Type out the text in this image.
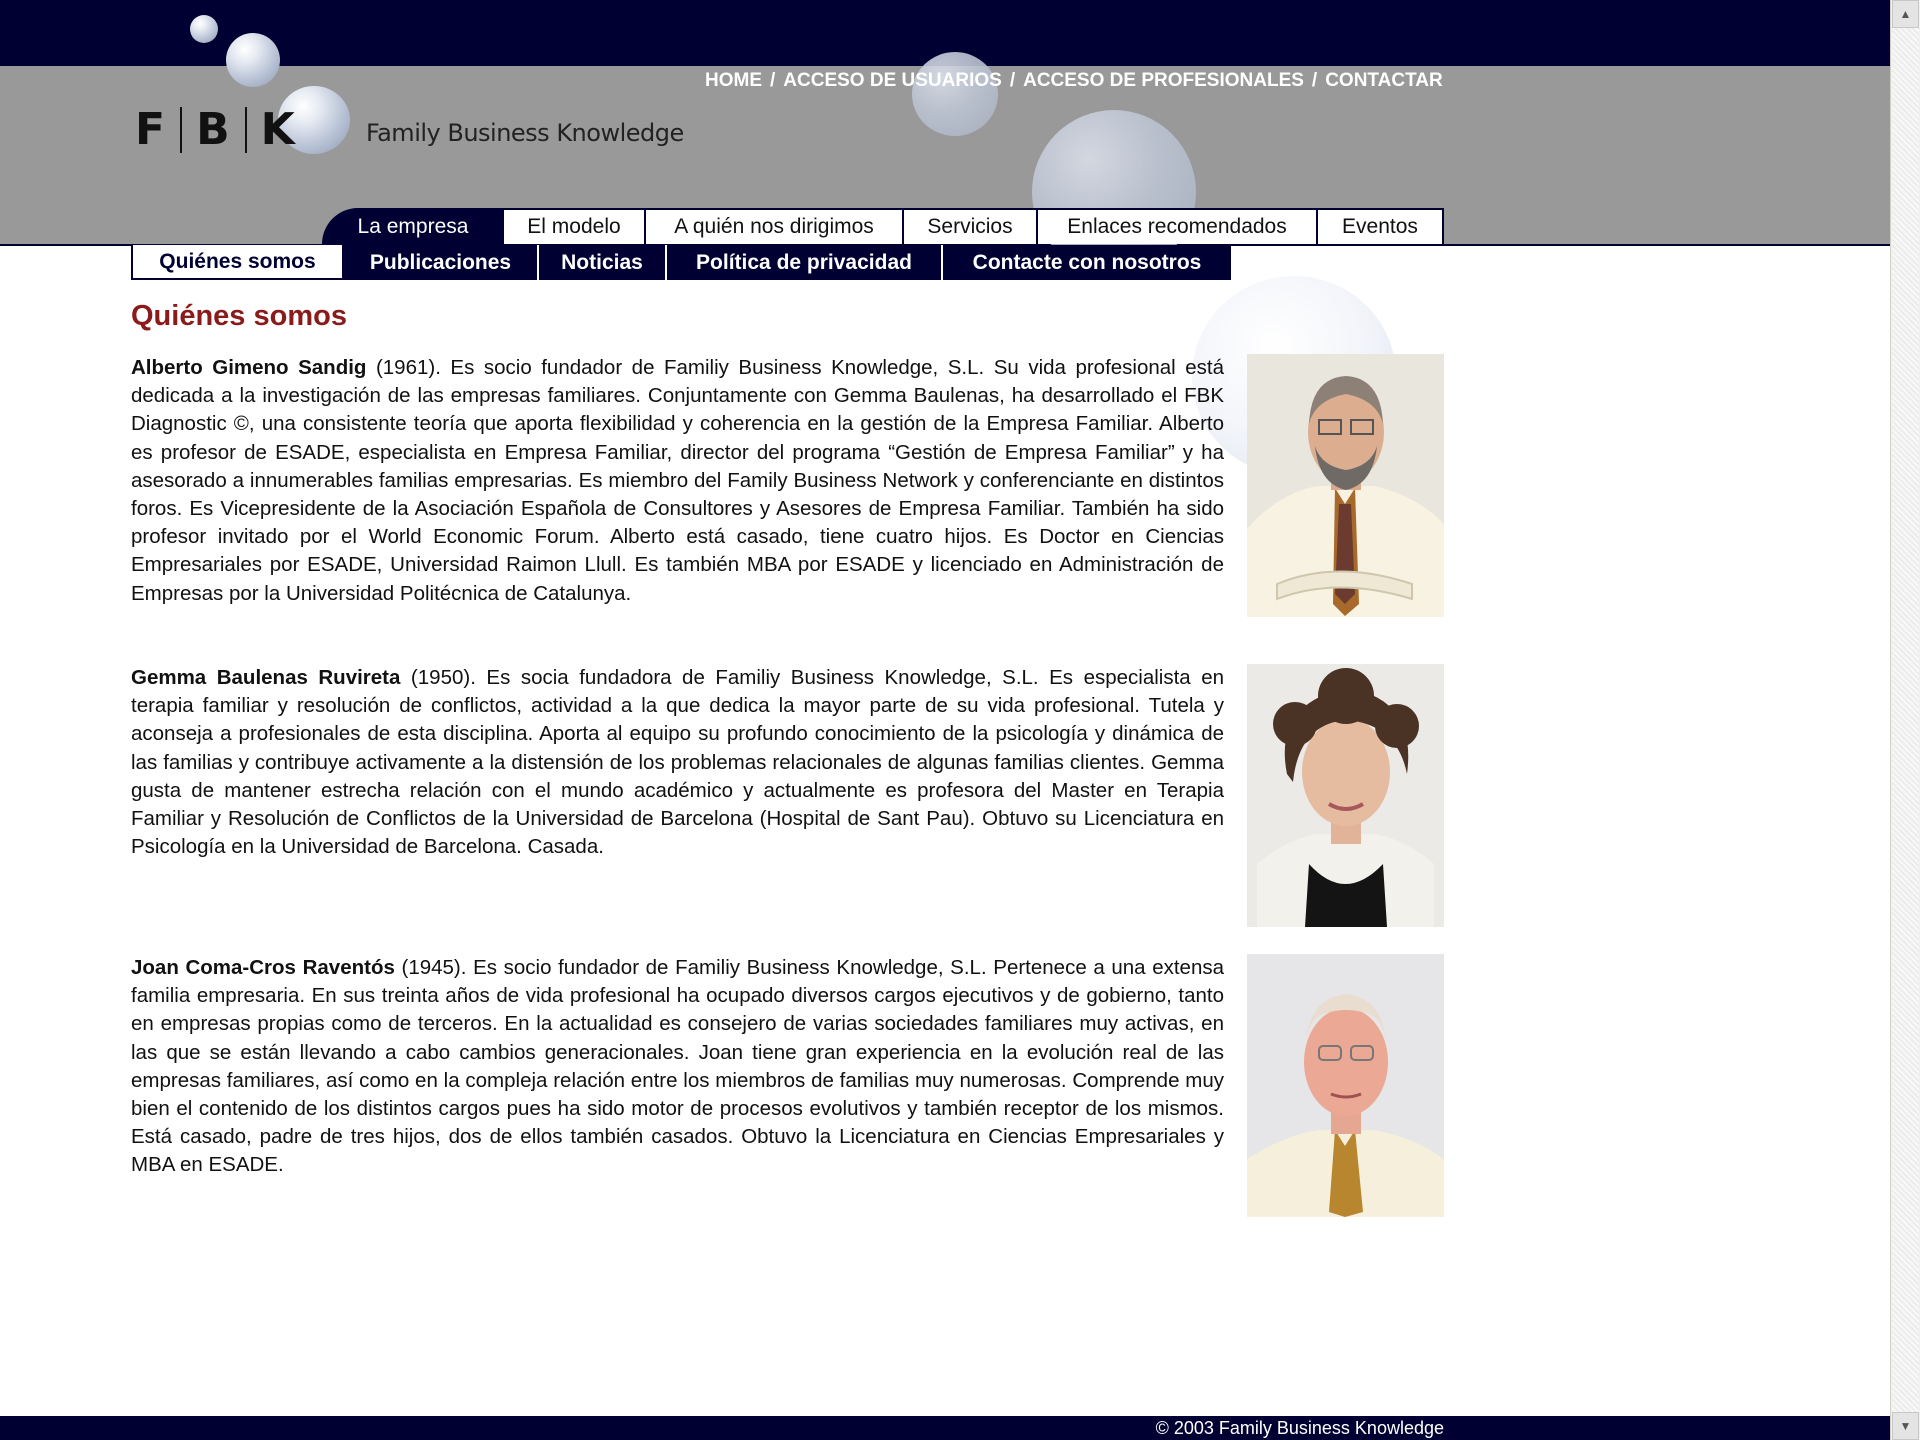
F B K	Family Business Knowledge
HOME / ACCESO DE USUARIOS / ACCESO DE PROFESIONALES / CONTACTAR
La empresa	El modelo	A quién nos dirigimos	Servicios	Enlaces recomendados	Eventos
Quiénes somos	Publicaciones	Noticias	Política de privacidad	Contacte con nosotros
Quiénes somos
Alberto Gimeno Sandig (1961). Es socio fundador de Familiy Business Knowledge, S.L. Su vida profesional está dedicada a la investigación de las empresas familiares. Conjuntamente con Gemma Baulenas, ha desarrollado el FBK Diagnostic ©, una consistente teoría que aporta flexibilidad y coherencia en la gestión de la Empresa Familiar. Alberto es profesor de ESADE, especialista en Empresa Familiar, director del programa “Gestión de Empresa Familiar” y ha asesorado a innumerables familias empresarias. Es miembro del Family Business Network y conferenciante en distintos foros. Es Vicepresidente de la Asociación Española de Consultores y Asesores de Empresa Familiar. También ha sido profesor invitado por el World Economic Forum. Alberto está casado, tiene cuatro hijos. Es Doctor en Ciencias Empresariales por ESADE, Universidad Raimon Llull. Es también MBA por ESADE y licenciado en Administración de Empresas por la Universidad Politécnica de Catalunya.
Gemma Baulenas Ruvireta (1950). Es socia fundadora de Familiy Business Knowledge, S.L. Es especialista en terapia familiar y resolución de conflictos, actividad a la que dedica la mayor parte de su vida profesional. Tutela y aconseja a profesionales de esta disciplina. Aporta al equipo su profundo conocimiento de la psicología y dinámica de las familias y contribuye activamente a la distensión de los problemas relacionales de algunas familias clientes. Gemma gusta de mantener estrecha relación con el mundo académico y actualmente es profesora del Master en Terapia Familiar y Resolución de Conflictos de la Universidad de Barcelona (Hospital de Sant Pau). Obtuvo su Licenciatura en Psicología en la Universidad de Barcelona. Casada.
Joan Coma-Cros Raventós (1945). Es socio fundador de Familiy Business Knowledge, S.L. Pertenece a una extensa familia empresaria. En sus treinta años de vida profesional ha ocupado diversos cargos ejecutivos y de gobierno, tanto en empresas propias como de terceros. En la actualidad es consejero de varias sociedades familiares muy activas, en las que se están llevando a cabo cambios generacionales. Joan tiene gran experiencia en la evolución real de las empresas familiares, así como en la compleja relación entre los miembros de familias muy numerosas. Comprende muy bien el contenido de los distintos cargos pues ha sido motor de procesos evolutivos y también receptor de los mismos. Está casado, padre de tres hijos, dos de ellos también casados. Obtuvo la Licenciatura en Ciencias Empresariales y MBA en ESADE.
© 2003 Family Business Knowledge
▲
▼
